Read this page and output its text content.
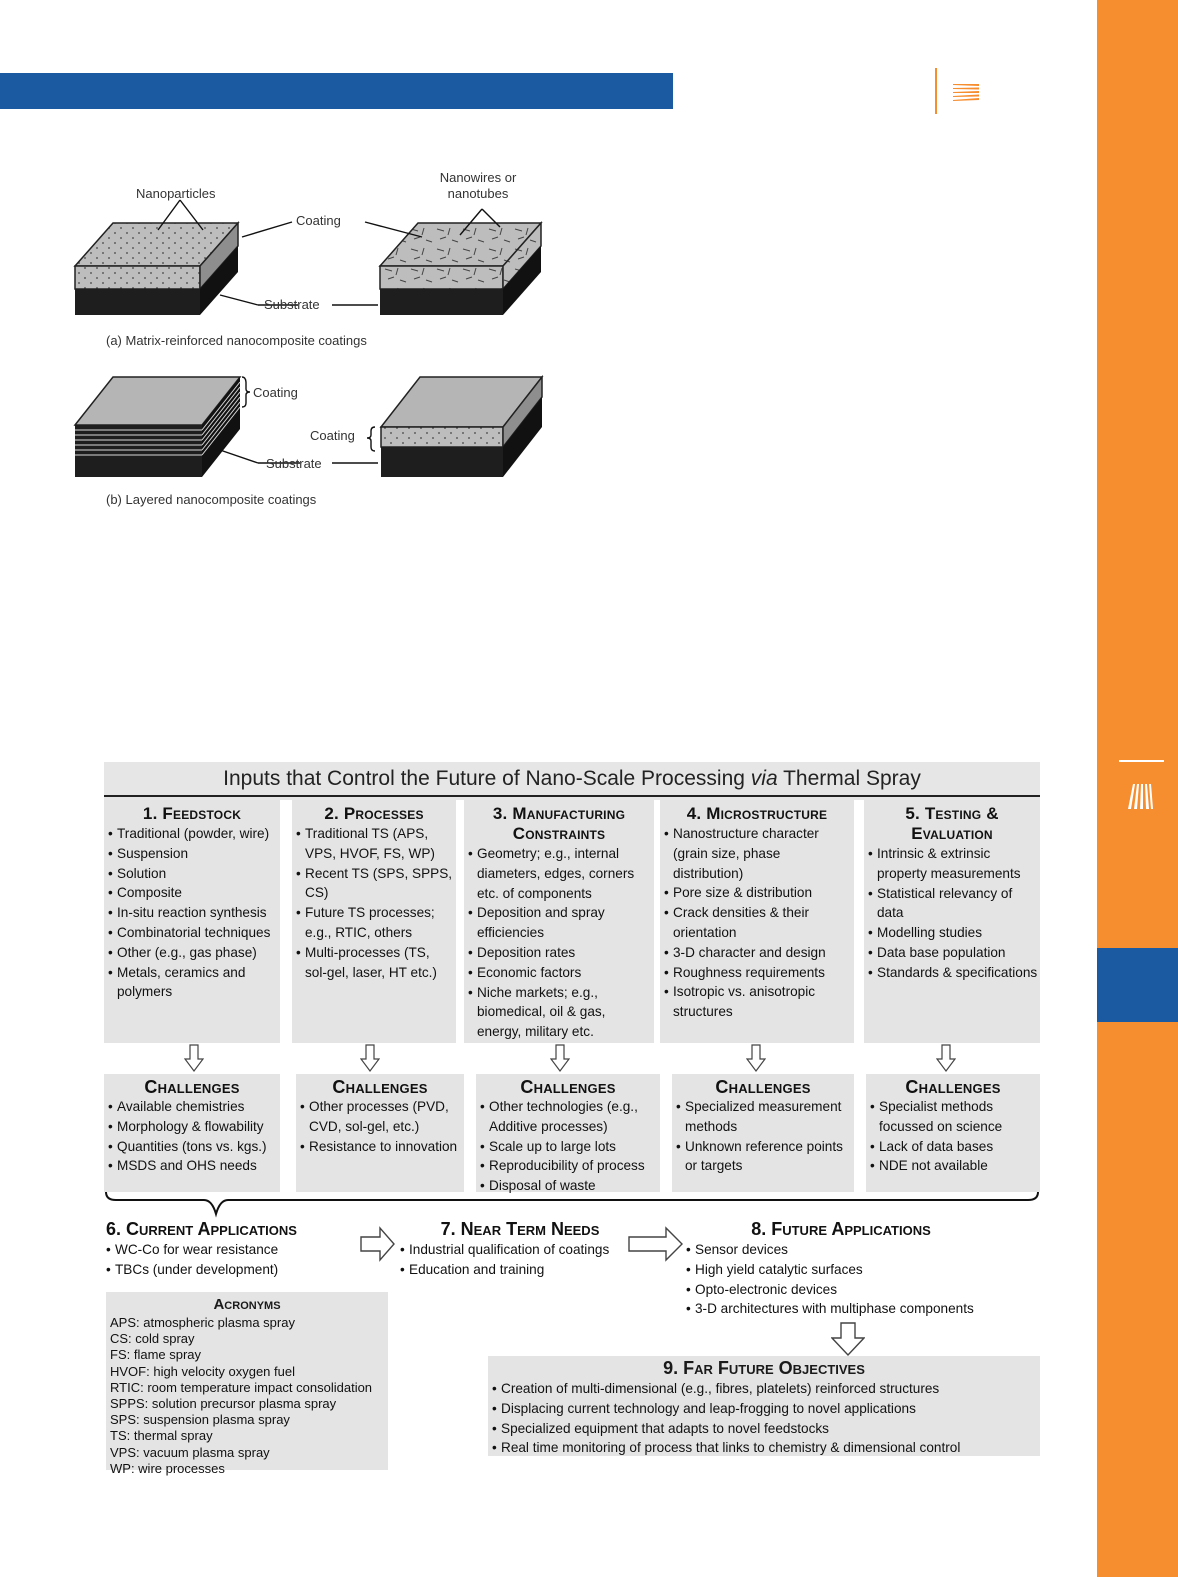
Nanoparticles
Nanowires or nanotubes
Coating
Substrate
(a) Matrix-reinforced nanocomposite coatings
Coating
Coating
Substrate
(b) Layered nanocomposite coatings
Inputs that Control the Future of Nano-Scale Processing via Thermal Spray
1. Feedstock
• Traditional (powder, wire)
• Suspension
• Solution
• Composite
• In-situ reaction synthesis
• Combinatorial techniques
• Other (e.g., gas phase)
• Metals, ceramics and polymers
2. Processes
• Traditional TS (APS, VPS, HVOF, FS, WP)
• Recent TS (SPS, SPPS, CS)
• Future TS processes; e.g., RTIC, others
• Multi-processes (TS, sol-gel, laser, HT etc.)
3. Manufacturing Constraints
• Geometry; e.g., internal diameters, edges, corners etc. of components
• Deposition and spray efficiencies
• Deposition rates
• Economic factors
• Niche markets; e.g., biomedical, oil & gas, energy, military etc.
4. Microstructure
• Nanostructure character (grain size, phase distribution)
• Pore size & distribution
• Crack densities & their orientation
• 3-D character and design
• Roughness requirements
• Isotropic vs. anisotropic structures
5. Testing & Evaluation
• Intrinsic & extrinsic property measurements
• Statistical relevancy of data
• Modelling studies
• Data base population
• Standards & specifications
Challenges
• Available chemistries
• Morphology & flowability
• Quantities (tons vs. kgs.)
• MSDS and OHS needs
Challenges
• Other processes (PVD, CVD, sol-gel, etc.)
• Resistance to innovation
Challenges
• Other technologies (e.g., Additive processes)
• Scale up to large lots
• Reproducibility of process
• Disposal of waste
Challenges
• Specialized measurement methods
• Unknown reference points or targets
Challenges
• Specialist methods focussed on science
• Lack of data bases
• NDE not available
6. Current Applications
• WC-Co for wear resistance
• TBCs (under development)
7. Near Term Needs
• Industrial qualification of coatings
• Education and training
8. Future Applications
• Sensor devices
• High yield catalytic surfaces
• Opto-electronic devices
• 3-D architectures with multiphase components
Acronyms
APS: atmospheric plasma spray
CS: cold spray
FS: flame spray
HVOF: high velocity oxygen fuel
RTIC: room temperature impact consolidation
SPPS: solution precursor plasma spray
SPS: suspension plasma spray
TS: thermal spray
VPS: vacuum plasma spray
WP: wire processes
9. Far Future Objectives
• Creation of multi-dimensional (e.g., fibres, platelets) reinforced structures
• Displacing current technology and leap-frogging to novel applications
• Specialized equipment that adapts to novel feedstocks
• Real time monitoring of process that links to chemistry & dimensional control
